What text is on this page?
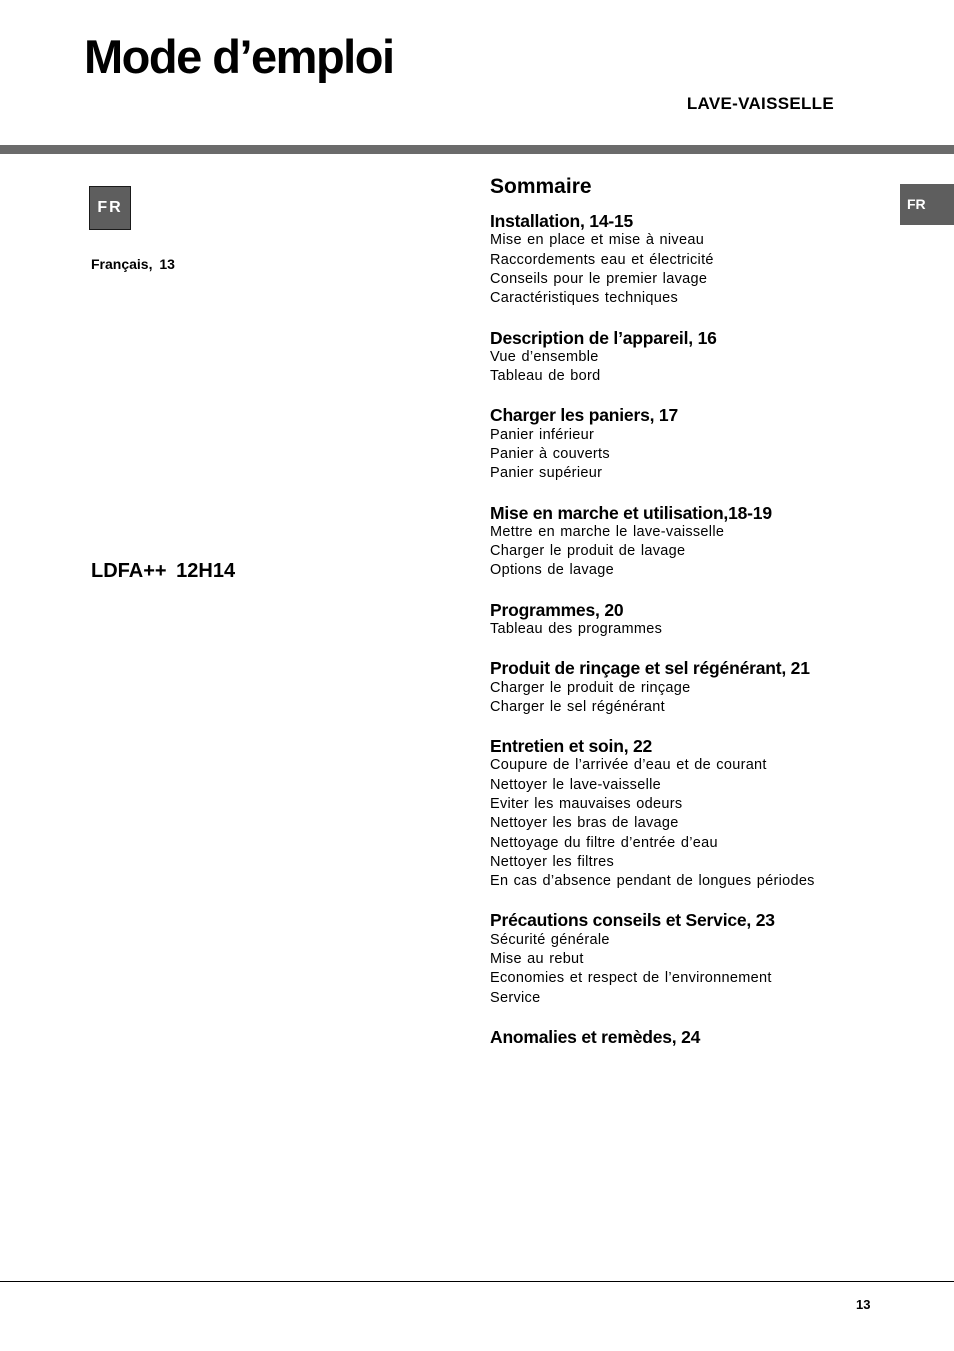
Mode d’emploi
LAVE-VAISSELLE
FR
Français, 13
LDFA++ 12H14
FR
Sommaire
Installation, 14-15
Mise en place et mise à niveau
Raccordements eau et électricité
Conseils pour le premier lavage
Caractéristiques techniques
Description de l’appareil, 16
Vue d’ensemble
Tableau de bord
Charger les paniers, 17
Panier inférieur
Panier à couverts
Panier supérieur
Mise en marche et utilisation,18-19
Mettre en marche le lave-vaisselle
Charger le produit de lavage
Options de lavage
Programmes, 20
Tableau des programmes
Produit de rinçage et sel régénérant, 21
Charger le produit de rinçage
Charger le sel régénérant
Entretien et soin, 22
Coupure de l’arrivée d’eau et de courant
Nettoyer le lave-vaisselle
Eviter les mauvaises odeurs
Nettoyer les bras de lavage
Nettoyage du filtre d’entrée d’eau
Nettoyer les filtres
En cas d’absence pendant de longues périodes
Précautions conseils et Service, 23
Sécurité générale
Mise au rebut
Economies et respect de l’environnement
Service
Anomalies et remèdes, 24
13
